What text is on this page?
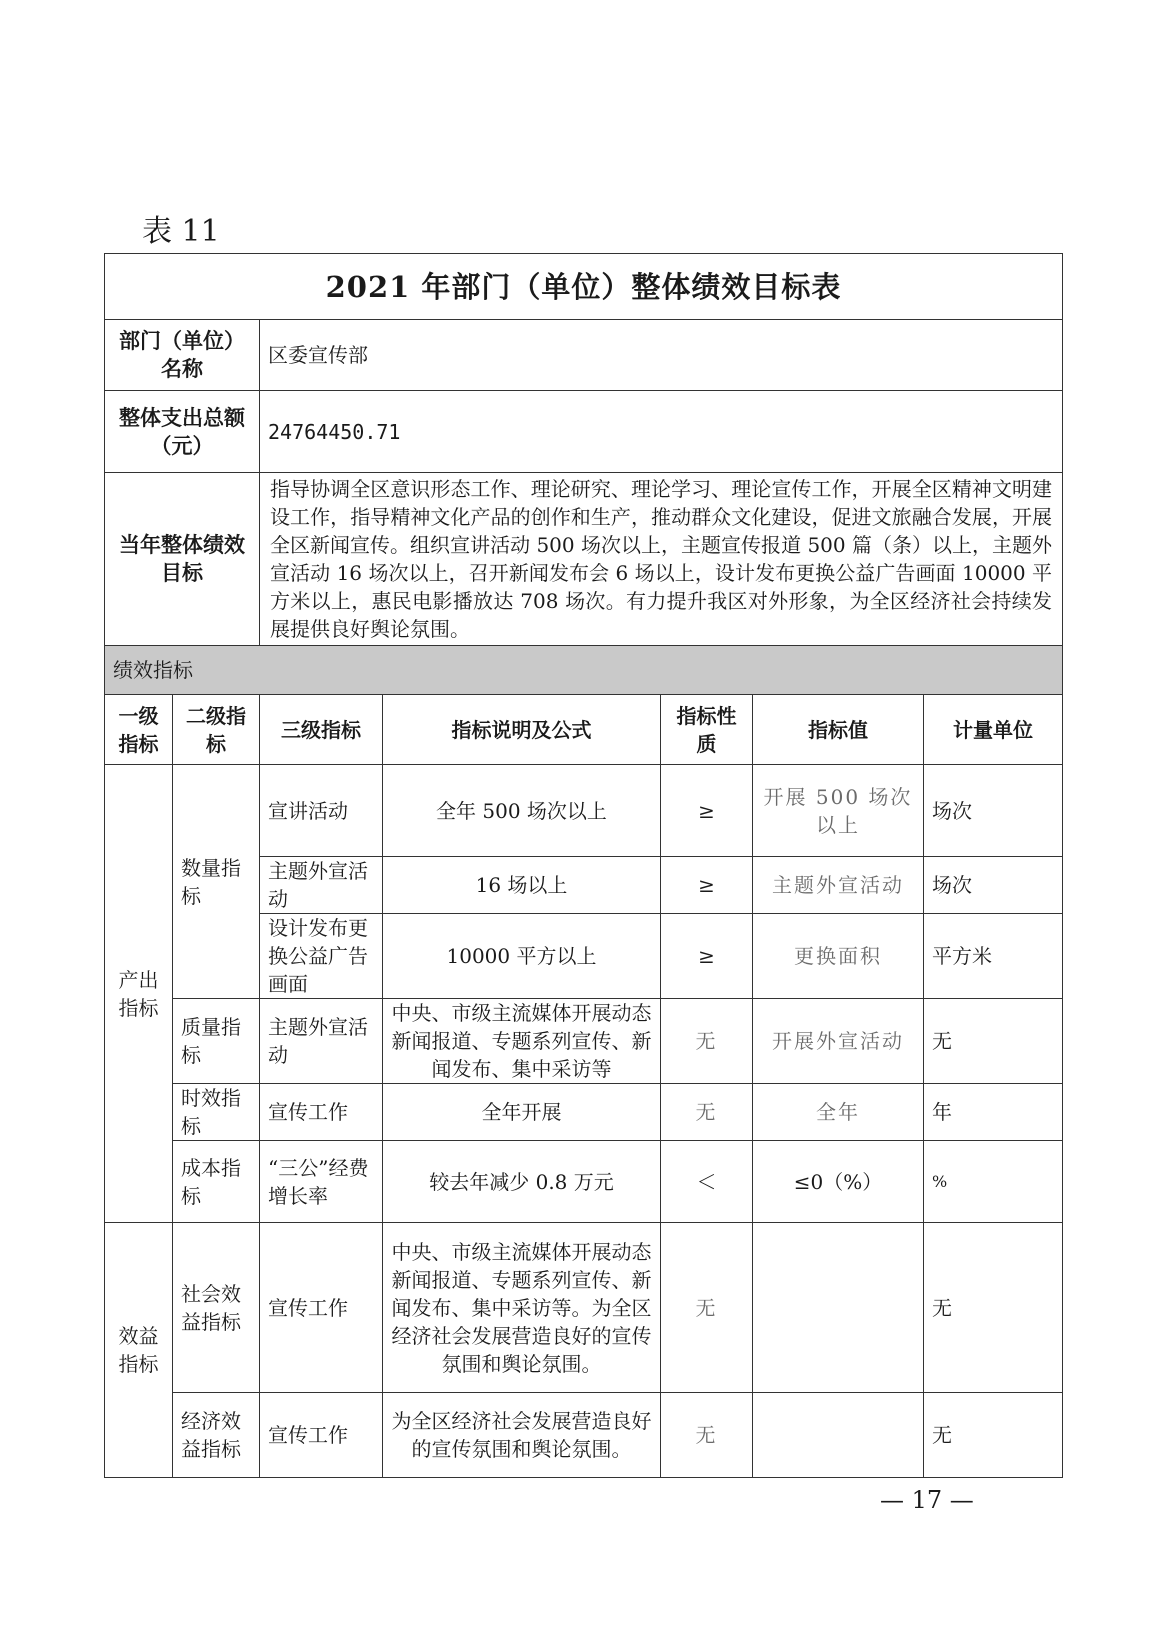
表 11
2021 年部门（单位）整体绩效目标表						
部门（单位）名称		区委宣传部				
整体支出总额（元）		24764450.71				
当年整体绩效目标		指导协调全区意识形态工作、理论研究、理论学习、理论宣传工作，开展全区精神文明建设工作，指导精神文化产品的创作和生产，推动群众文化建设，促进文旅融合发展，开展全区新闻宣传。组织宣讲活动 500 场次以上，主题宣传报道 500 篇（条）以上，主题外宣活动 16 场次以上，召开新闻发布会 6 场以上，设计发布更换公益广告画面 10000 平方米以上，惠民电影播放达 708 场次。有力提升我区对外形象，为全区经济社会持续发展提供良好舆论氛围。				
绩效指标						
一级指标	二级指标	三级指标	指标说明及公式	指标性质	指标值	计量单位
产出指标	数量指标	宣讲活动	全年 500 场次以上	≥	开展 500 场次以上	场次
		主题外宣活动	16 场以上	≥	主题外宣活动	场次
		设计发布更换公益广告画面	10000 平方以上	≥	更换面积	平方米
	质量指标	主题外宣活动	中央、市级主流媒体开展动态新闻报道、专题系列宣传、新闻发布、集中采访等	无	开展外宣活动	无
	时效指标	宣传工作	全年开展	无	全年	年
	成本指标	“三公”经费增长率	较去年减少 0.8 万元	＜	≤0（%）	%
效益指标	社会效益指标	宣传工作	中央、市级主流媒体开展动态新闻报道、专题系列宣传、新闻发布、集中采访等。为全区经济社会发展营造良好的宣传氛围和舆论氛围。	无		无
	经济效益指标	宣传工作	为全区经济社会发展营造良好的宣传氛围和舆论氛围。	无		无
— 17 —
